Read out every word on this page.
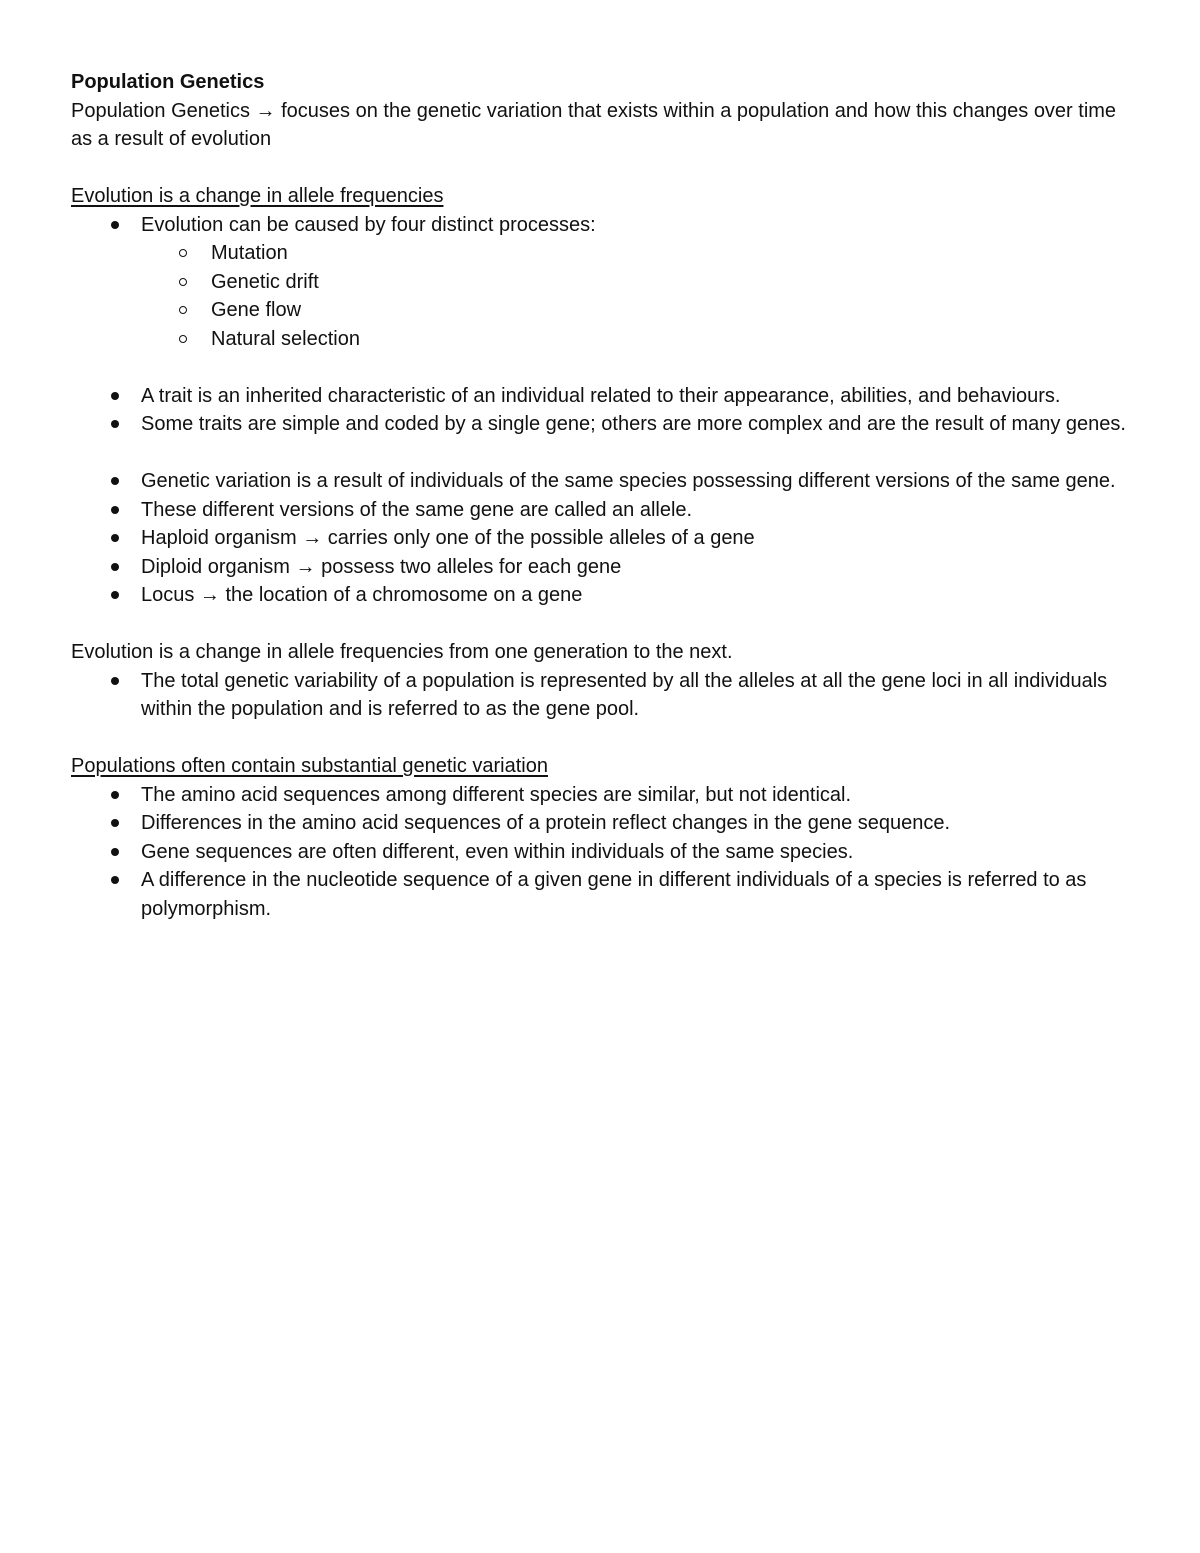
Population Genetics

Population Genetics → focuses on the genetic variation that exists within a population and how this changes over time as a result of evolution

Evolution is a change in allele frequencies

Evolution can be caused by four distinct processes:
Mutation
Genetic drift
Gene flow
Natural selection
A trait is an inherited characteristic of an individual related to their appearance, abilities, and behaviours.
Some traits are simple and coded by a single gene; others are more complex and are the result of many genes.
Genetic variation is a result of individuals of the same species possessing different versions of the same gene.
These different versions of the same gene are called an allele.
Haploid organism → carries only one of the possible alleles of a gene
Diploid organism → possess two alleles for each gene
Locus → the location of a chromosome on a gene

Evolution is a change in allele frequencies from one generation to the next.

The total genetic variability of a population is represented by all the alleles at all the gene loci in all individuals within the population and is referred to as the gene pool.

Populations often contain substantial genetic variation

The amino acid sequences among different species are similar, but not identical.
Differences in the amino acid sequences of a protein reflect changes in the gene sequence.
Gene sequences are often different, even within individuals of the same species.
A difference in the nucleotide sequence of a given gene in different individuals of a species is referred to as polymorphism.
